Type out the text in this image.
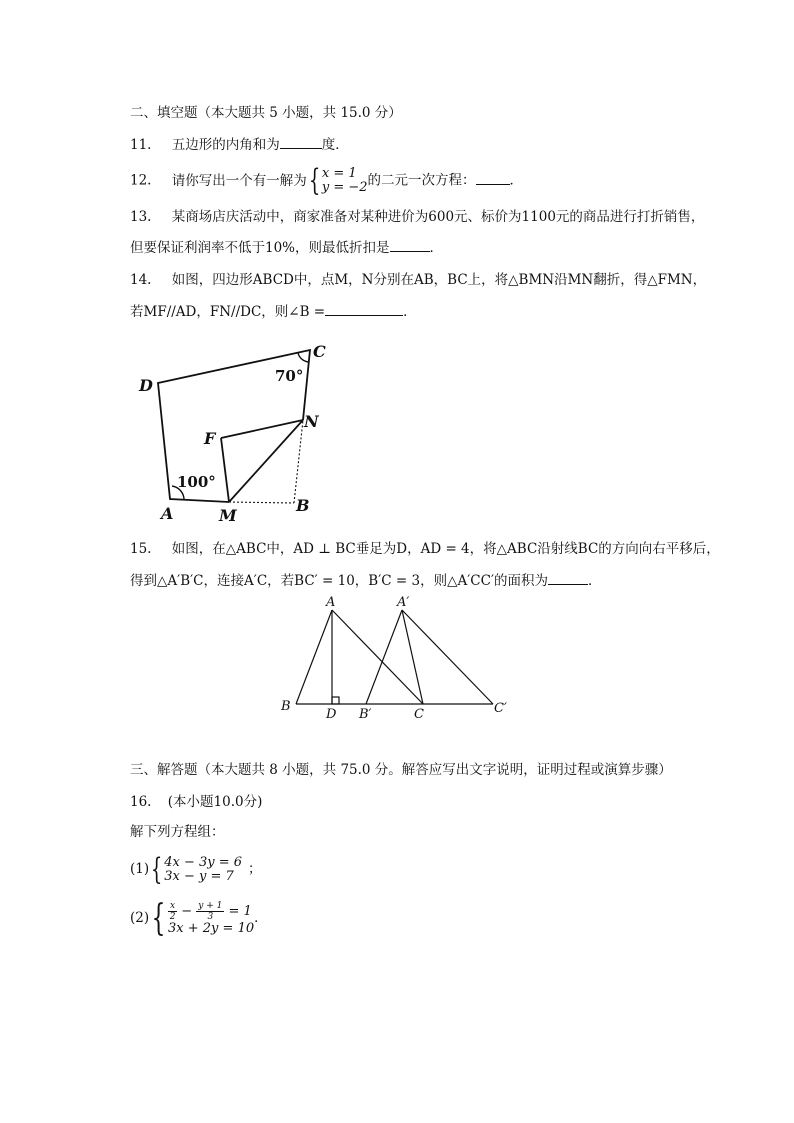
二、填空题（本大题共 5 小题，共 15.0 分）
11. 五边形的内角和为	度．
12. 请你写出一个有一解为{ x = 1
y = −2 的二元一次方程：	．
13. 某商场店庆活动中，商家准备对某种进价为600元、标价为1100元的商品进行打折销售，
但要保证利润率不低于10%，则最低折扣是	．
14. 如图，四边形ABCD中，点M，N分别在AB，BC上，将△BMN沿MN翻折，得△FMN，
若MF//AD，FN//DC，则∠B =	．
D
C
F
N
A	M
B
100°
70°
15. 如图，在△ABC中，AD ⊥ BC垂足为D，AD = 4，将△ABC沿射线BC的方向向右平移后，
得到△A′B′C，连接A′C，若BC′ = 10，B′C = 3，则△A′CC′的面积为	．
A	A′
B
D B′	C	C′
三、解答题（本大题共 8 小题，共 75.0 分。解答应写出文字说明，证明过程或演算步骤）
16. (本小题10.0分)
解下列方程组：
(1){ 4x − 3y = 6
3x − y = 7	；
$(2)\{ \frac{x}{2} - \frac{y + 1}{3} = 1$
3x + 2y = 10
．
